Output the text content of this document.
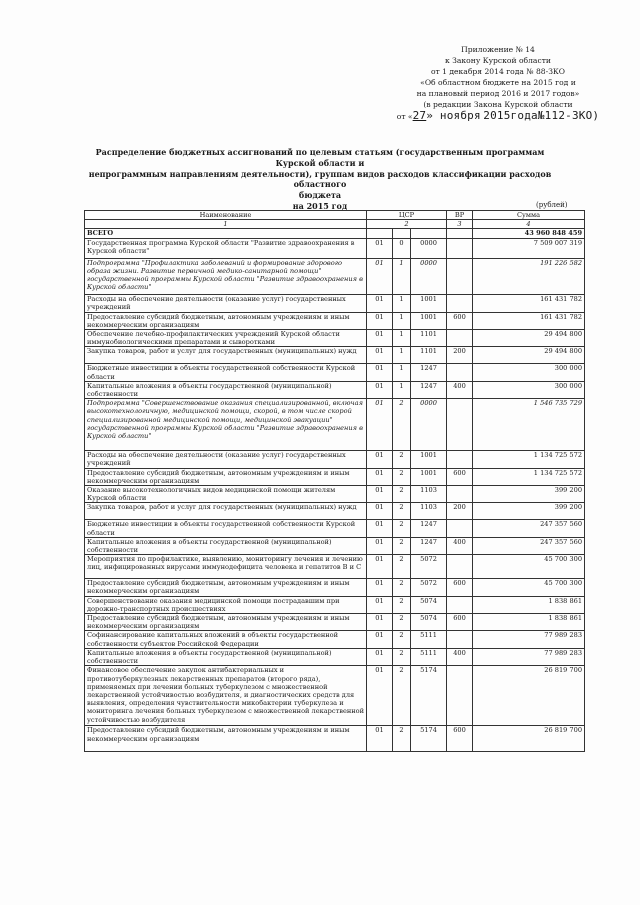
Приложение № 14
к Закону Курской области
от 1 декабря 2014 года № 88-ЗКО
«Об областном бюджете на 2015 год и
на плановый период 2016 и 2017 годов»
(в редакции Закона Курской области
от «27» ноября 2015года№112-ЗКО)
Распределение бюджетных ассигнований по целевым статьям (государственным программам Курской области и
непрограммным направлениям деятельности), группам видов расходов классификации расходов областного
бюджета
на 2015 год	(рублей)
Наименование	ЦСР			ВР	Сумма
1	2			3	4
ВСЕГО					43 960 848 459
Государственная программа Курской области "Развитие здравоохранения в Курской области"	01	0	0000		7 509 007 319
Подпрограмма "Профилактика заболеваний и формирование здорового образа жизни. Развитие первичной медико-санитарной помощи" государственной программы Курской области "Развитие здравоохранения в Курской области"	01	1	0000		191 226 582
Расходы на обеспечение деятельности (оказание услуг) государственных учреждений	01	1	1001		161 431 782
Предоставление субсидий бюджетным, автономным учреждениям и иным некоммерческим организациям	01	1	1001	600	161 431 782
Обеспечение лечебно-профилактических учреждений Курской области иммунобиологическими препаратами и сыворотками	01	1	1101		29 494 800
Закупка товаров, работ и услуг для государственных (муниципальных) нужд	01	1	1101	200	29 494 800
Бюджетные инвестиции в объекты государственной собственности Курской области	01	1	1247		300 000
Капитальные вложения в объекты государственной (муниципальной) собственности	01	1	1247	400	300 000
Подпрограмма "Совершенствование оказания специализированной, включая высокотехнологичную, медицинской помощи, скорой, в том числе скорой специализированной медицинской помощи, медицинской эвакуации" государственной программы Курской области "Развитие здравоохранения в Курской области"	01	2	0000		1 546 735 729
Расходы на обеспечение деятельности (оказание услуг) государственных учреждений	01	2	1001		1 134 725 572
Предоставление субсидий бюджетным, автономным учреждениям и иным некоммерческим организациям	01	2	1001	600	1 134 725 572
Оказание высокотехнологичных видов медицинской помощи жителям Курской области	01	2	1103		399 200
Закупка товаров, работ и услуг для государственных (муниципальных) нужд	01	2	1103	200	399 200
Бюджетные инвестиции в объекты государственной собственности Курской области	01	2	1247		247 357 560
Капитальные вложения в объекты государственной (муниципальной) собственности	01	2	1247	400	247 357 560
Мероприятия по профилактике, выявлению, мониторингу лечения и лечению лиц, инфицированных вирусами иммунодефицита человека и гепатитов В и С	01	2	5072		45 700 300
Предоставление субсидий бюджетным, автономным учреждениям и иным некоммерческим организациям	01	2	5072	600	45 700 300
Совершенствование оказания медицинской помощи пострадавшим при дорожно-транспортных происшествиях	01	2	5074		1 838 861
Предоставление субсидий бюджетным, автономным учреждениям и иным некоммерческим организациям	01	2	5074	600	1 838 861
Софинансирование капитальных вложений в объекты государственной собственности субъектов Российской Федерации	01	2	5111		77 989 283
Капитальные вложения в объекты государственной (муниципальной) собственности	01	2	5111	400	77 989 283
Финансовое обеспечение закупок антибактериальных и противотуберкулезных лекарственных препаратов (второго ряда), применяемых при лечении больных туберкулезом с множественной лекарственной устойчивостью возбудителя, и диагностических средств для выявления, определения чувствительности микобактерии туберкулеза и мониторинга лечения больных туберкулезом с множественной лекарственной устойчивостью возбудителя	01	2	5174		26 819 700
Предоставление субсидий бюджетным, автономным учреждениям и иным некоммерческим организациям	01	2	5174	600	26 819 700
